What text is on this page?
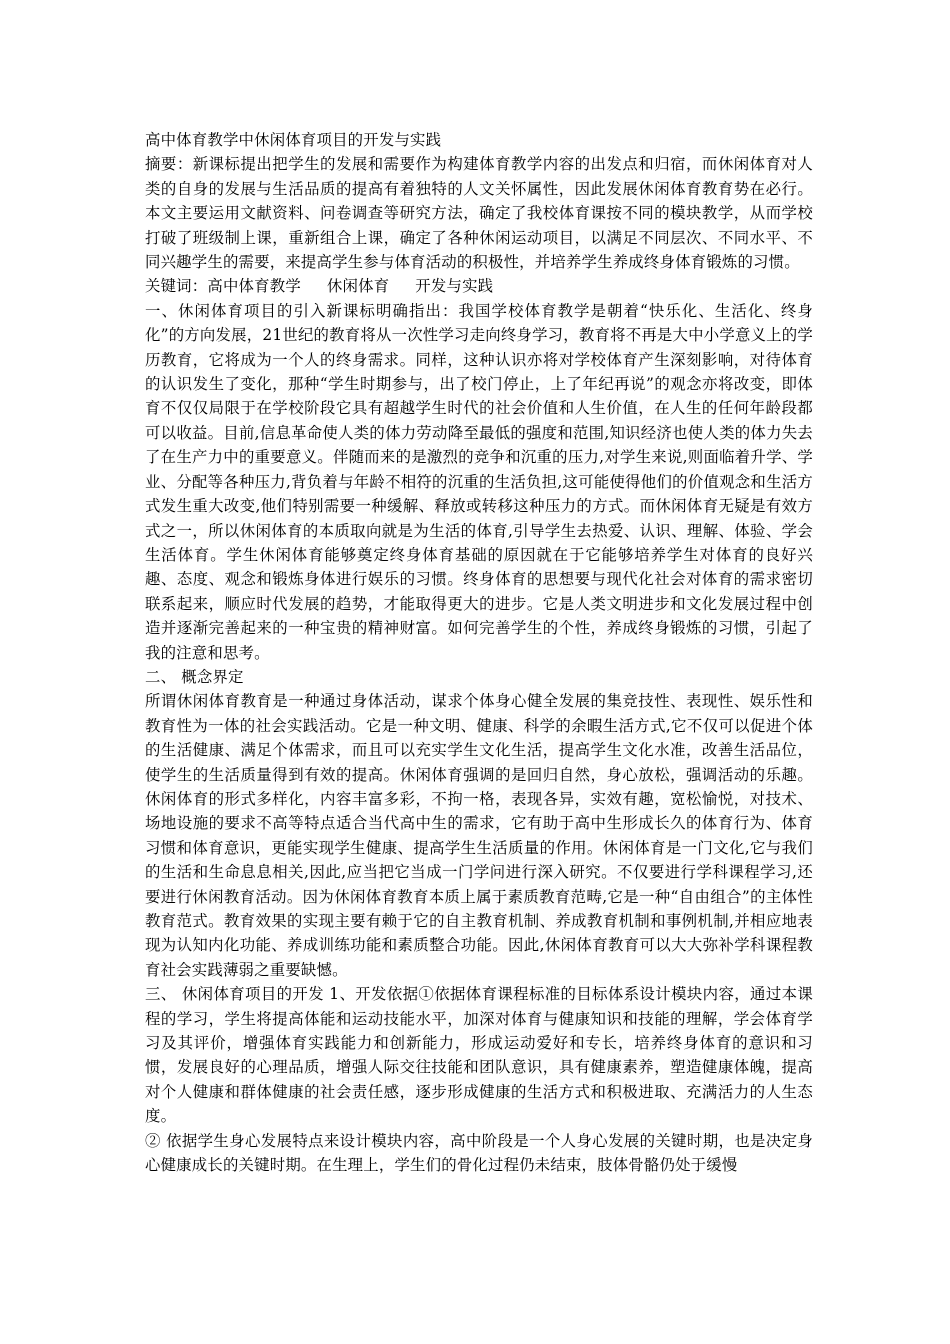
高中体育教学中休闲体育项目的开发与实践

摘要：新课标提出把学生的发展和需要作为构建体育教学内容的出发点和归宿，而休闲体育对人类的自身的发展与生活品质的提高有着独特的人文关怀属性，因此发展休闲体育教育势在必行。本文主要运用文献资料、问卷调查等研究方法，确定了我校体育课按不同的模块教学，从而学校打破了班级制上课，重新组合上课，确定了各种休闲运动项目，以满足不同层次、不同水平、不同兴趣学生的需要，来提高学生参与体育活动的积极性，并培养学生养成终身体育锻炼的习惯。

关键词：高中体育教学 休闲体育 开发与实践

一、休闲体育项目的引入新课标明确指出：我国学校体育教学是朝着“快乐化、生活化、终身化”的方向发展，21世纪的教育将从一次性学习走向终身学习，教育将不再是大中小学意义上的学历教育，它将成为一个人的终身需求。同样，这种认识亦将对学校体育产生深刻影响，对待体育的认识发生了变化，那种“学生时期参与，出了校门停止，上了年纪再说”的观念亦将改变，即体育不仅仅局限于在学校阶段它具有超越学生时代的社会价值和人生价值，在人生的任何年龄段都可以收益。目前,信息革命使人类的体力劳动降至最低的强度和范围,知识经济也使人类的体力失去了在生产力中的重要意义。伴随而来的是激烈的竞争和沉重的压力,对学生来说,则面临着升学、学业、分配等各种压力,背负着与年龄不相符的沉重的生活负担,这可能使得他们的价值观念和生活方式发生重大改变,他们特别需要一种缓解、释放或转移这种压力的方式。而休闲体育无疑是有效方式之一，所以休闲体育的本质取向就是为生活的体育,引导学生去热爱、认识、理解、体验、学会生活体育。学生休闲体育能够奠定终身体育基础的原因就在于它能够培养学生对体育的良好兴趣、态度、观念和锻炼身体进行娱乐的习惯。终身体育的思想要与现代化社会对体育的需求密切联系起来，顺应时代发展的趋势，才能取得更大的进步。它是人类文明进步和文化发展过程中创造并逐渐完善起来的一种宝贵的精神财富。如何完善学生的个性，养成终身锻炼的习惯，引起了我的注意和思考。

二、 概念界定

所谓休闲体育教育是一种通过身体活动，谋求个体身心健全发展的集竞技性、表现性、娱乐性和教育性为一体的社会实践活动。它是一种文明、健康、科学的余暇生活方式,它不仅可以促进个体的生活健康、满足个体需求，而且可以充实学生文化生活，提高学生文化水准，改善生活品位，使学生的生活质量得到有效的提高。休闲体育强调的是回归自然，身心放松，强调活动的乐趣。休闲体育的形式多样化，内容丰富多彩，不拘一格，表现各异，实效有趣，宽松愉悦，对技术、场地设施的要求不高等特点适合当代高中生的需求，它有助于高中生形成长久的体育行为、体育习惯和体育意识，更能实现学生健康、提高学生生活质量的作用。休闲体育是一门文化,它与我们的生活和生命息息相关,因此,应当把它当成一门学问进行深入研究。不仅要进行学科课程学习,还要进行休闲教育活动。因为休闲体育教育本质上属于素质教育范畴,它是一种“自由组合”的主体性教育范式。教育效果的实现主要有赖于它的自主教育机制、养成教育机制和事例机制,并相应地表现为认知内化功能、养成训练功能和素质整合功能。因此,休闲体育教育可以大大弥补学科课程教育社会实践薄弱之重要缺憾。

三、 休闲体育项目的开发 1、开发依据①依据体育课程标准的目标体系设计模块内容，通过本课程的学习，学生将提高体能和运动技能水平，加深对体育与健康知识和技能的理解，学会体育学习及其评价，增强体育实践能力和创新能力，形成运动爱好和专长，培养终身体育的意识和习惯，发展良好的心理品质，增强人际交往技能和团队意识，具有健康素养，塑造健康体魄，提高对个人健康和群体健康的社会责任感，逐步形成健康的生活方式和积极进取、充满活力的人生态度。

② 依据学生身心发展特点来设计模块内容，高中阶段是一个人身心发展的关键时期，也是决定身心健康成长的关键时期。在生理上，学生们的骨化过程仍未结束，肢体骨骼仍处于缓慢
